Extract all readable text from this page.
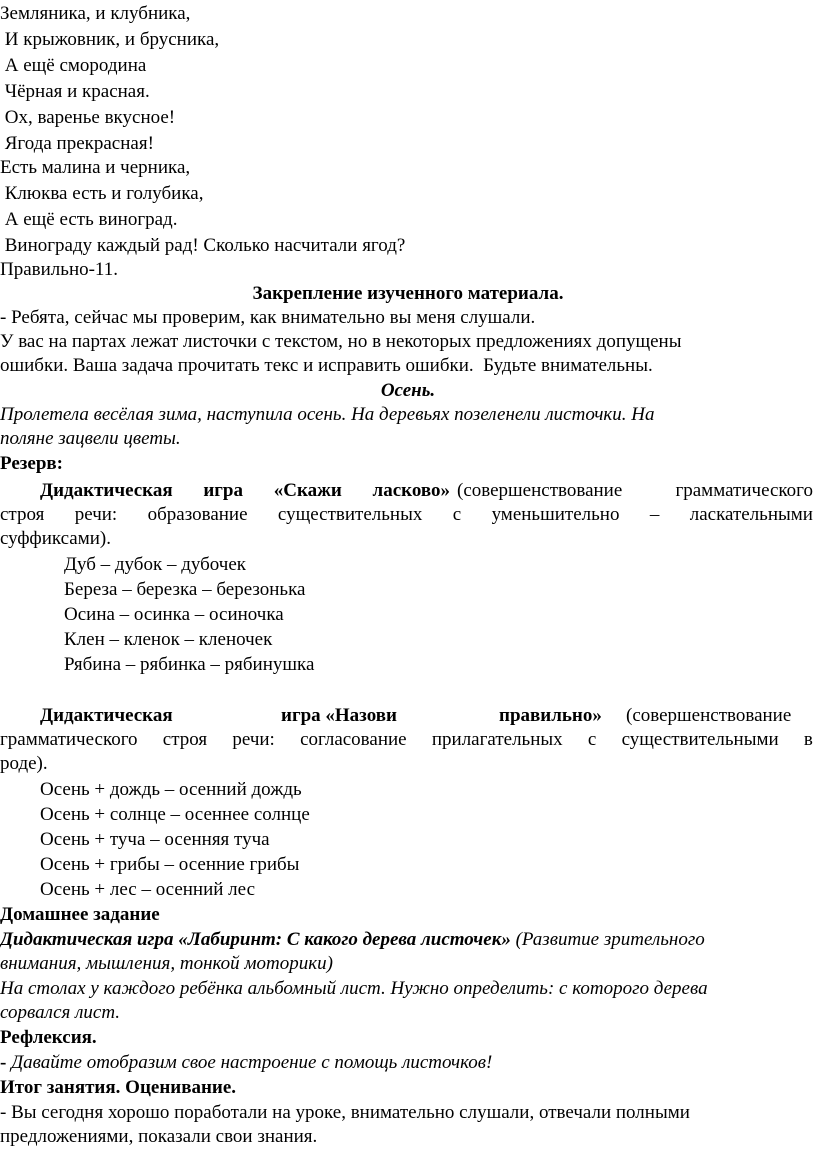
Земляника, и клубника,
И крыжовник, и брусника,
А ещё смородина
Чёрная и красная.
Ох, варенье вкусное!
Ягода прекрасная!
Есть малина и черника,
Клюква есть и голубика,
А ещё есть виноград.
Винограду каждый рад! Сколько насчитали ягод?
Правильно-11.
Закрепление изученного материала.
- Ребята, сейчас мы проверим, как внимательно вы меня слушали.
У вас на партах лежат листочки с текстом, но в некоторых предложениях допущены
ошибки. Ваша задача прочитать текс и исправить ошибки.  Будьте внимательны.
Осень.
Пролетела весёлая зима, наступила осень. На деревьях позеленели листочки. На
поляне зацвели цветы.
Резерв:
Дидактическая игра «Скажи ласково» (совершенствование	грамматического
строя речи: образование существительных с уменьшительно – ласкательными
суффиксами).
Дуб – дубок – дубочек
Береза – березка – березонька
Осина – осинка – осиночка
Клен – кленок – кленочек
Рябина – рябинка – рябинушка
Дидактическая	игра «Назови	правильно» (совершенствование
грамматического строя речи: согласование прилагательных с существительными в
роде).
Осень + дождь – осенний дождь
Осень + солнце – осеннее солнце
Осень + туча – осенняя туча
Осень + грибы – осенние грибы
Осень + лес – осенний лес
Домашнее задание
Дидактическая игра «Лабиринт: С какого дерева листочек» (Развитие зрительного
внимания, мышления, тонкой моторики)
На столах у каждого ребёнка альбомный лист. Нужно определить: с которого дерева
сорвался лист.
Рефлексия.
- Давайте отобразим свое настроение с помощь листочков!
Итог занятия. Оценивание.
- Вы сегодня хорошо поработали на уроке, внимательно слушали, отвечали полными
предложениями, показали свои знания.
